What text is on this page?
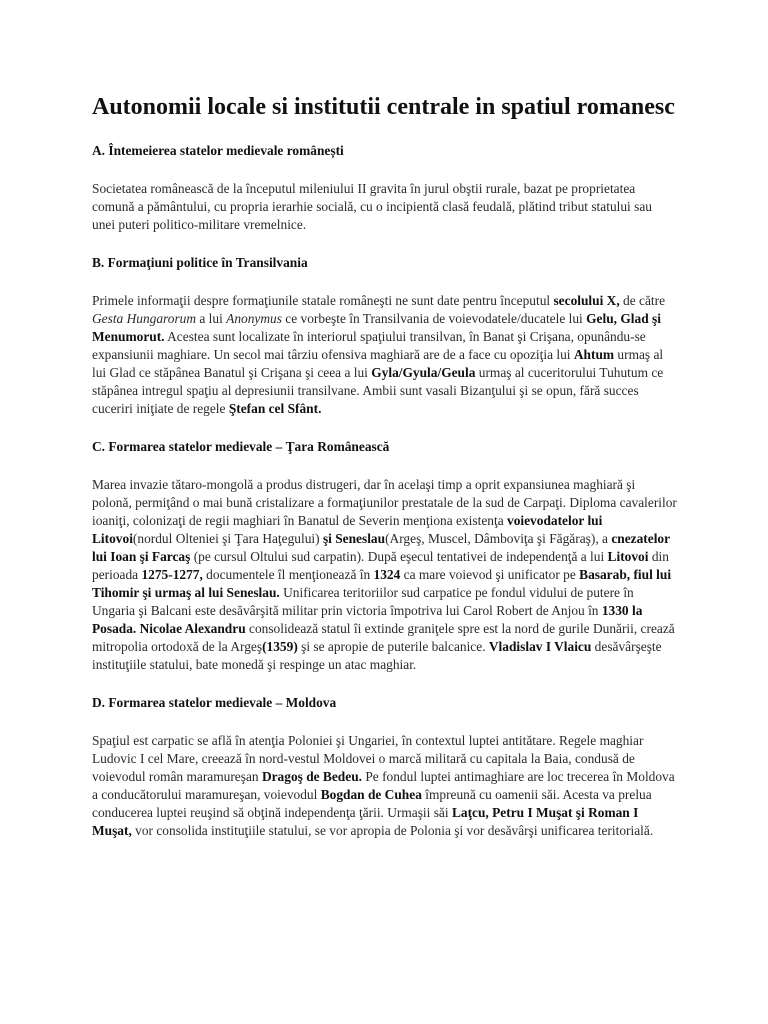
Autonomii locale si institutii centrale in spatiul romanesc
A. Întemeierea statelor medievale românești

Societatea românească de la începutul mileniului II gravita în jurul obştii rurale, bazat pe proprietatea comună a pământului, cu propria ierarhie socială, cu o incipientă clasă feudală, plătind tribut statului sau unei puteri politico-militare vremelnice.

B. Formaţiuni politice în Transilvania

Primele informaţii despre formaţiunile statale româneşti ne sunt date pentru începutul secolului X, de către Gesta Hungarorum a lui Anonymus ce vorbeşte în Transilvania de voievodatele/ducatele lui Gelu, Glad şi Menumorut. Acestea sunt localizate în interiorul spaţiului transilvan, în Banat şi Crişana, opunându-se expansiunii maghiare. Un secol mai târziu ofensiva maghiară are de a face cu opoziţia lui Ahtum urmaş al lui Glad ce stăpânea Banatul şi Crişana şi ceea a lui Gyla/Gyula/Geula urmaş al cuceritorului Tuhutum ce stăpânea intregul spaţiu al depresiunii transilvane. Ambii sunt vasali Bizanţului şi se opun, fără succes cuceriri iniţiate de regele Ştefan cel Sfânt.

C. Formarea statelor medievale – Ţara Românească

Marea invazie tătaro-mongolă a produs distrugeri, dar în acelaşi timp a oprit expansiunea maghiară şi polonă, permiţând o mai bună cristalizare a formaţiunilor prestatale de la sud de Carpaţi. Diploma cavalerilor ioaniţi, colonizaţi de regii maghiari în Banatul de Severin menţiona existenţa voievodatelor lui Litovoi(nordul Olteniei şi Ţara Haţegului) şi Seneslau(Argeş, Muscel, Dâmboviţa şi Făgăraş), a cnezatelor lui Ioan şi Farcaş (pe cursul Oltului sud carpatin). După eşecul tentativei de independenţă a lui Litovoi din perioada 1275-1277, documentele îl menţionează în 1324 ca mare voievod şi unificator pe Basarab, fiul lui Tihomir şi urmaş al lui Seneslau. Unificarea teritoriilor sud carpatice pe fondul vidului de putere în Ungaria şi Balcani este desăvârşită militar prin victoria împotriva lui Carol Robert de Anjou în 1330 la Posada. Nicolae Alexandru consolidează statul îi extinde graniţele spre est la nord de gurile Dunării, crează mitropolia ortodoxă de la Argeş(1359) şi se apropie de puterile balcanice. Vladislav I Vlaicu desăvârşeşte instituţiile statului, bate monedă şi respinge un atac maghiar.

D. Formarea statelor medievale – Moldova

Spaţiul est carpatic se află în atenţia Poloniei şi Ungariei, în contextul luptei antitătare. Regele maghiar Ludovic I cel Mare, creează în nord-vestul Moldovei o marcă militară cu capitala la Baia, condusă de voievodul român maramureşan Dragoş de Bedeu. Pe fondul luptei antimaghiare are loc trecerea în Moldova a conducătorului maramureşan, voievodul Bogdan de Cuhea împreună cu oamenii săi. Acesta va prelua conducerea luptei reuşind să obţină independenţa ţării. Urmaşii săi Laţcu, Petru I Muşat şi Roman I Muşat, vor consolida instituţiile statului, se vor apropia de Polonia şi vor desăvârşi unificarea teritorială.
